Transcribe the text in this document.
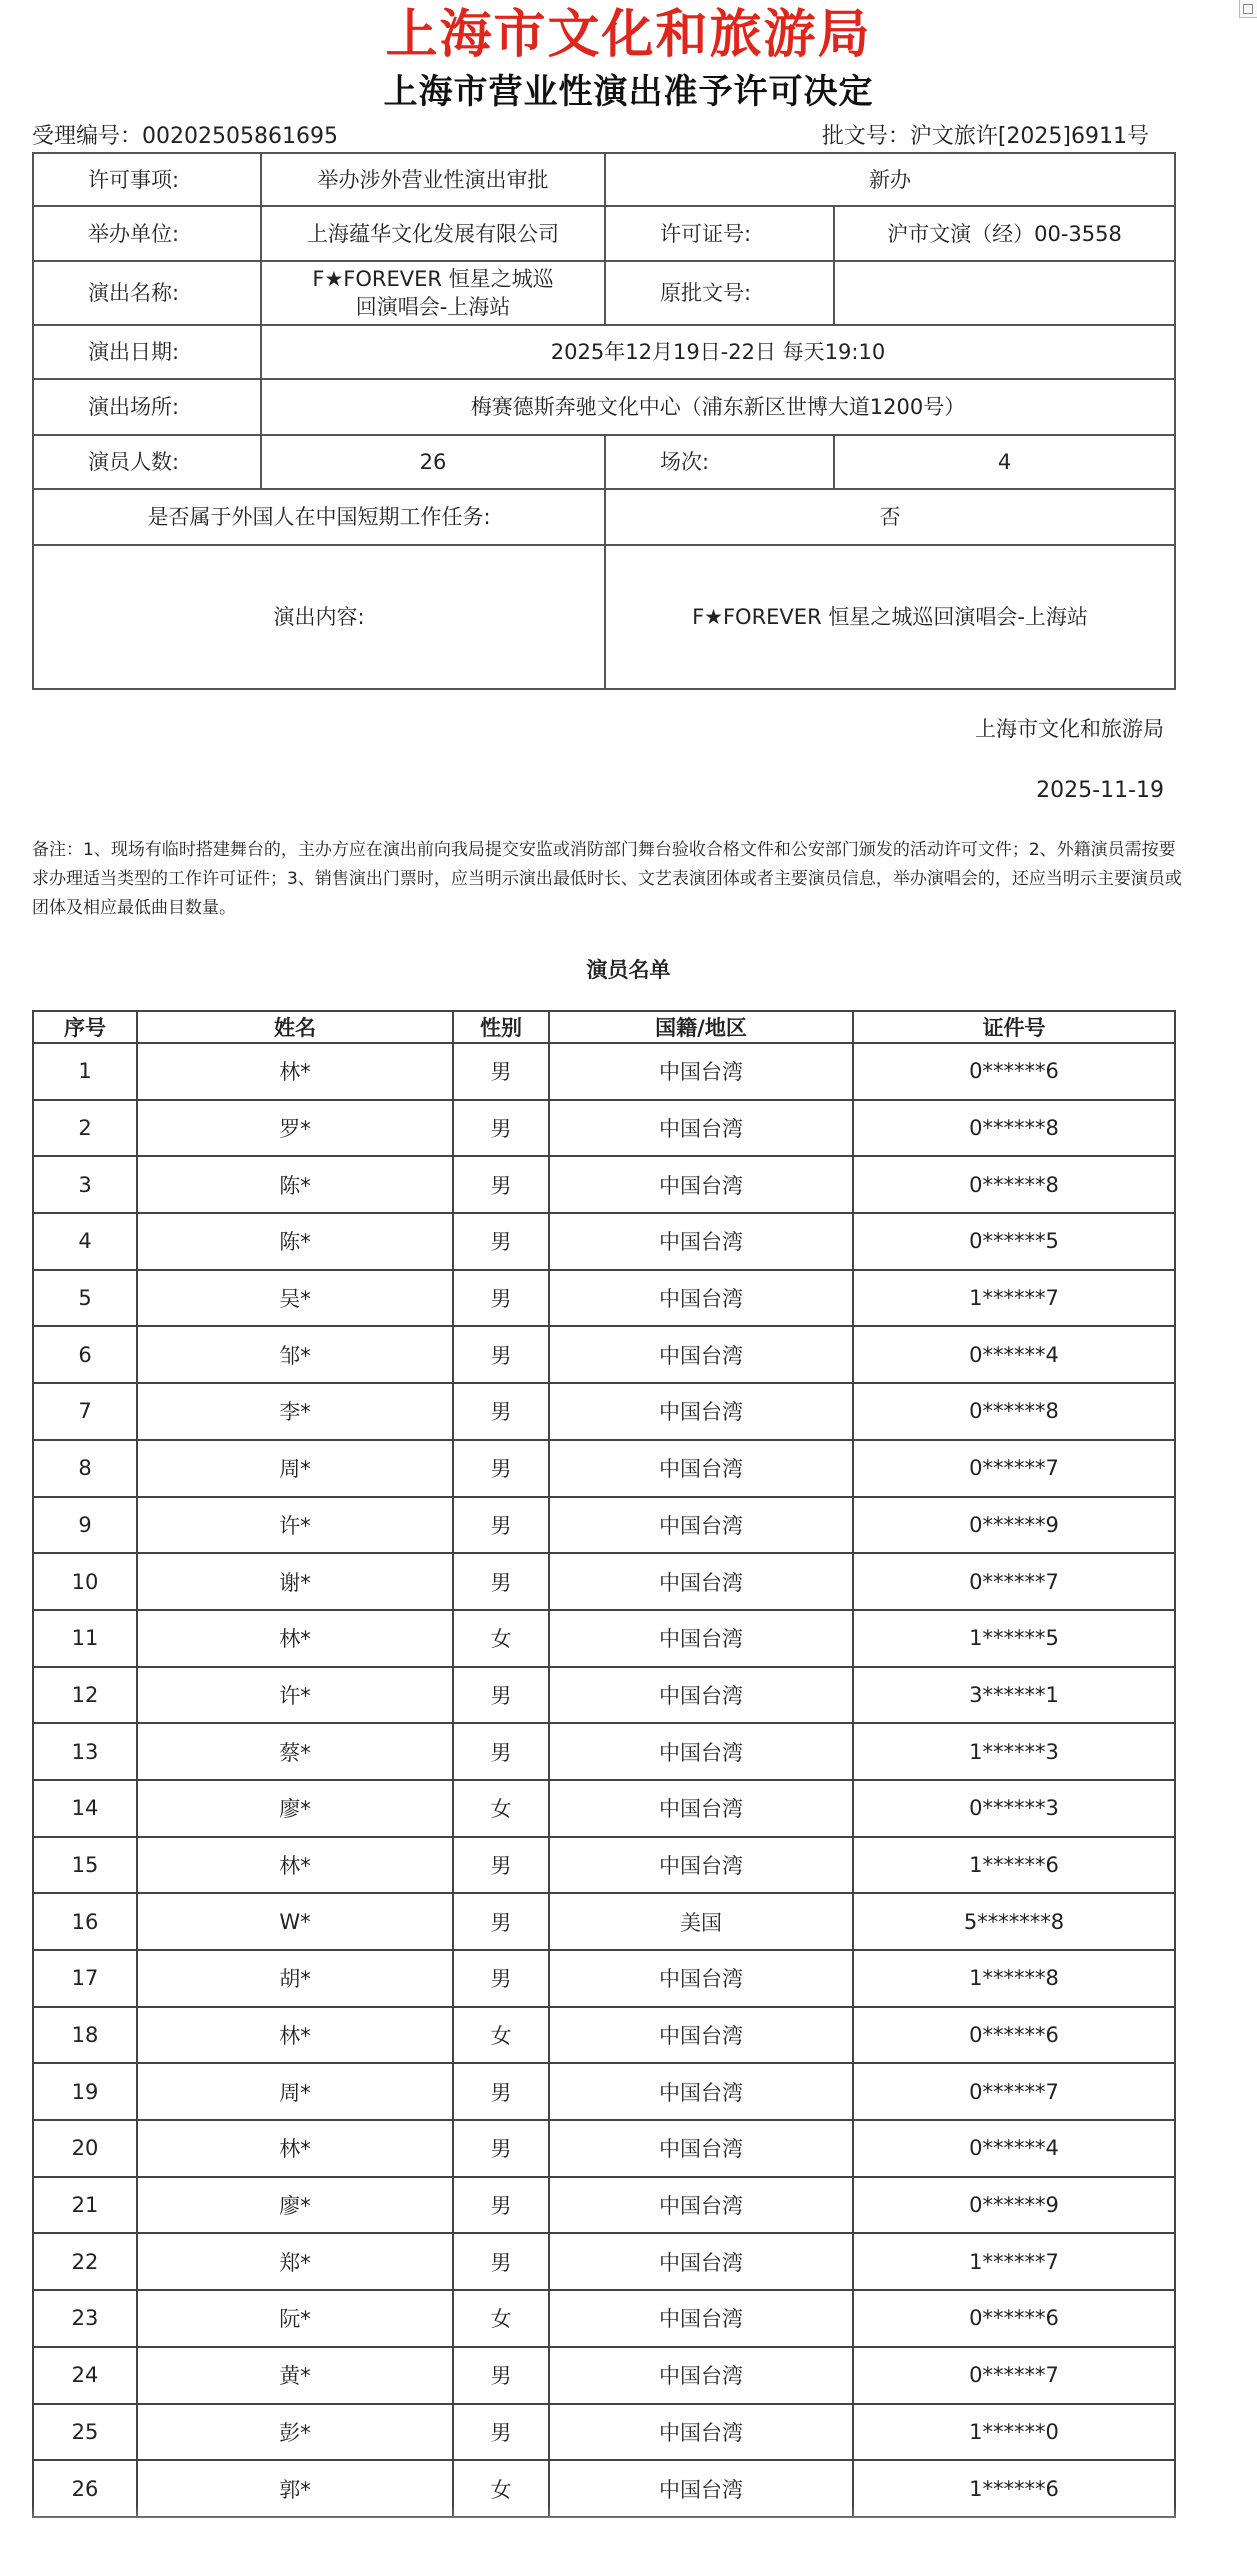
上海市文化和旅游局
上海市营业性演出准予许可决定
受理编号：00202505861695	批文号：沪文旅许[2025]6911号
许可事项:	举办涉外营业性演出审批	新办	
举办单位:	上海蕴华文化发展有限公司	许可证号:	沪市文演（经）00-3558
演出名称:	F★FOREVER 恒星之城巡回演唱会-上海站	原批文号:	
演出日期:	2025年12月19日-22日 每天19:10		
演出场所:	梅赛德斯奔驰文化中心（浦东新区世博大道1200号）		
演员人数:	26	场次:	4
是否属于外国人在中国短期工作任务:		否	
演出内容:		F★FOREVER 恒星之城巡回演唱会-上海站	
上海市文化和旅游局
2025-11-19
备注：1、现场有临时搭建舞台的，主办方应在演出前向我局提交安监或消防部门舞台验收合格文件和公安部门颁发的活动许可文件；2、外籍演员需按要求办理适当类型的工作许可证件；3、销售演出门票时，应当明示演出最低时长、文艺表演团体或者主要演员信息，举办演唱会的，还应当明示主要演员或团体及相应最低曲目数量。
演员名单
序号	姓名	性别	国籍/地区	证件号
1	林*	男	中国台湾	0******6
2	罗*	男	中国台湾	0******8
3	陈*	男	中国台湾	0******8
4	陈*	男	中国台湾	0******5
5	吴*	男	中国台湾	1******7
6	邹*	男	中国台湾	0******4
7	李*	男	中国台湾	0******8
8	周*	男	中国台湾	0******7
9	许*	男	中国台湾	0******9
10	谢*	男	中国台湾	0******7
11	林*	女	中国台湾	1******5
12	许*	男	中国台湾	3******1
13	蔡*	男	中国台湾	1******3
14	廖*	女	中国台湾	0******3
15	林*	男	中国台湾	1******6
16	W*	男	美国	5*******8
17	胡*	男	中国台湾	1******8
18	林*	女	中国台湾	0******6
19	周*	男	中国台湾	0******7
20	林*	男	中国台湾	0******4
21	廖*	男	中国台湾	0******9
22	郑*	男	中国台湾	1******7
23	阮*	女	中国台湾	0******6
24	黄*	男	中国台湾	0******7
25	彭*	男	中国台湾	1******0
26	郭*	女	中国台湾	1******6
